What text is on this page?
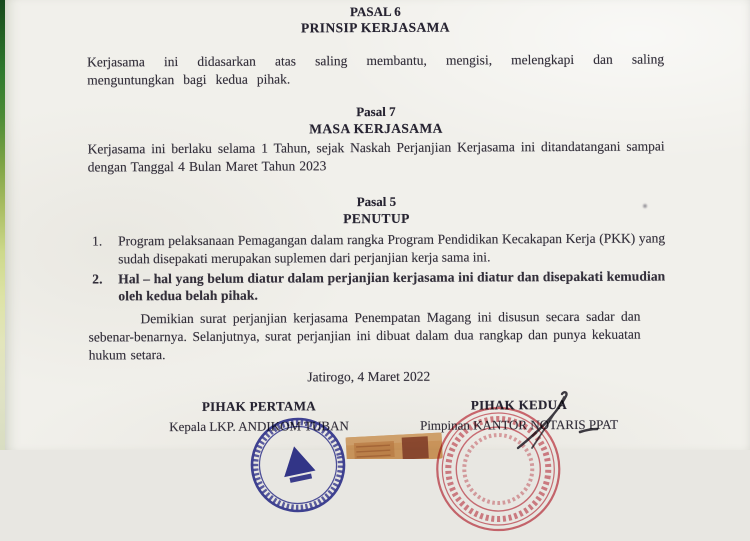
PASAL 6
PRINSIP KERJASAMA
Kerjasama ini didasarkan atas saling membantu, mengisi, melengkapi dan saling menguntungkan bagi kedua pihak.
Pasal 7
MASA KERJASAMA
Kerjasama ini berlaku selama 1 Tahun, sejak Naskah Perjanjian Kerjasama ini ditandatangani sampai dengan Tanggal 4 Bulan Maret Tahun 2023
Pasal 5
PENUTUP
1.	Program pelaksanaan Pemagangan dalam rangka Program Pendidikan Kecakapan Kerja (PKK) yang sudah disepakati merupakan suplemen dari perjanjian kerja sama ini.
2.	Hal – hal yang belum diatur dalam perjanjian kerjasama ini diatur dan disepakati kemudian oleh kedua belah pihak.
Demikian surat perjanjian kerjasama Penempatan Magang ini disusun secara sadar dan sebenar-benarnya. Selanjutnya, surat perjanjian ini dibuat dalam dua rangkap dan punya kekuatan hukum setara.
Jatirogo, 4 Maret 2022
PIHAK PERTAMA
Kepala LKP. ANDIKOM TUBAN
PIHAK KEDUA
Pimpinan KANTOR NOTARIS PPAT
